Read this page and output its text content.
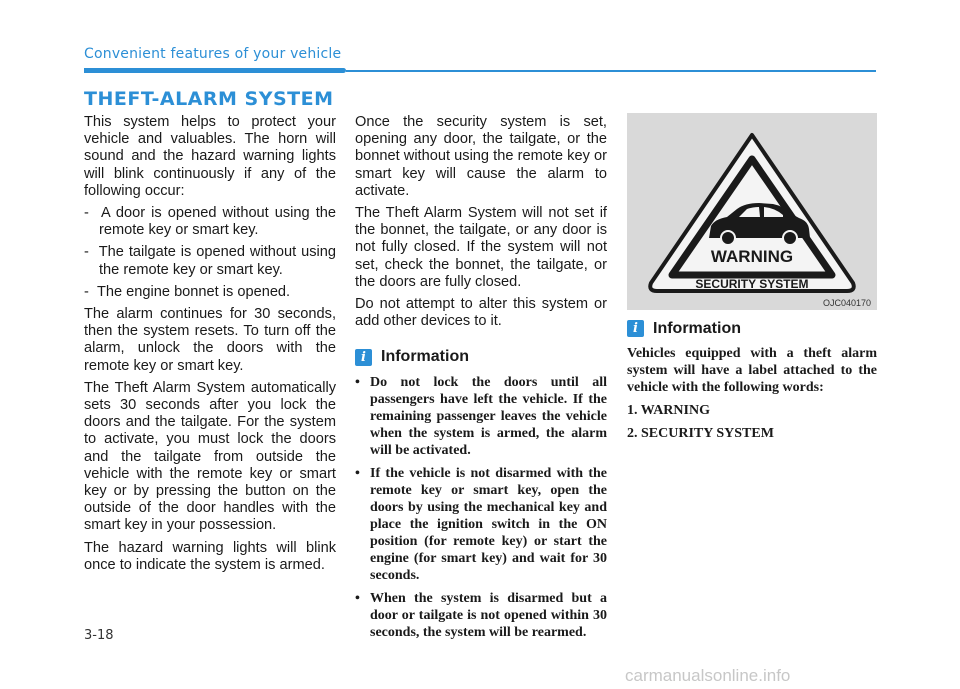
Convenient features of your vehicle
THEFT-ALARM SYSTEM

This system helps to protect your vehicle and valuables. The horn will sound and the hazard warning lights will blink continuously if any of the following occur:

-  A door is opened without using the remote key or smart key.
-  The tailgate is opened without using the remote key or smart key.
-  The engine bonnet is opened.

The alarm continues for 30 seconds, then the system resets. To turn off the alarm, unlock the doors with the remote key or smart key.

The Theft Alarm System automatically sets 30 seconds after you lock the doors and the tailgate. For the system to activate, you must lock the doors and the tailgate from outside the vehicle with the remote key or smart key or by pressing the button on the outside of the door handles with the smart key in your possession.

The hazard warning lights will blink once to indicate the system is armed.

Once the security system is set, opening any door, the tailgate, or the bonnet without using the remote key or smart key will cause the alarm to activate.

The Theft Alarm System will not set if the bonnet, the tailgate, or any door is not fully closed. If the system will not set, check the bonnet, the tailgate, or the doors are fully closed.

Do not attempt to alter this system or add other devices to it.

i Information
• Do not lock the doors until all passengers have left the vehicle. If the remaining passenger leaves the vehicle when the system is armed, the alarm will be activated.
• If the vehicle is not disarmed with the remote key or smart key, open the doors by using the mechanical key and place the ignition switch in the ON position (for remote key) or start the engine (for smart key) and wait for 30 seconds.
• When the system is disarmed but a door or tailgate is not opened within 30 seconds, the system will be rearmed.
WARNING
SECURITY SYSTEM
OJC040170
i Information

Vehicles equipped with a theft alarm system will have a label attached to the vehicle with the following words:

1. WARNING

2. SECURITY SYSTEM

3-18
carmanualsonline.info
